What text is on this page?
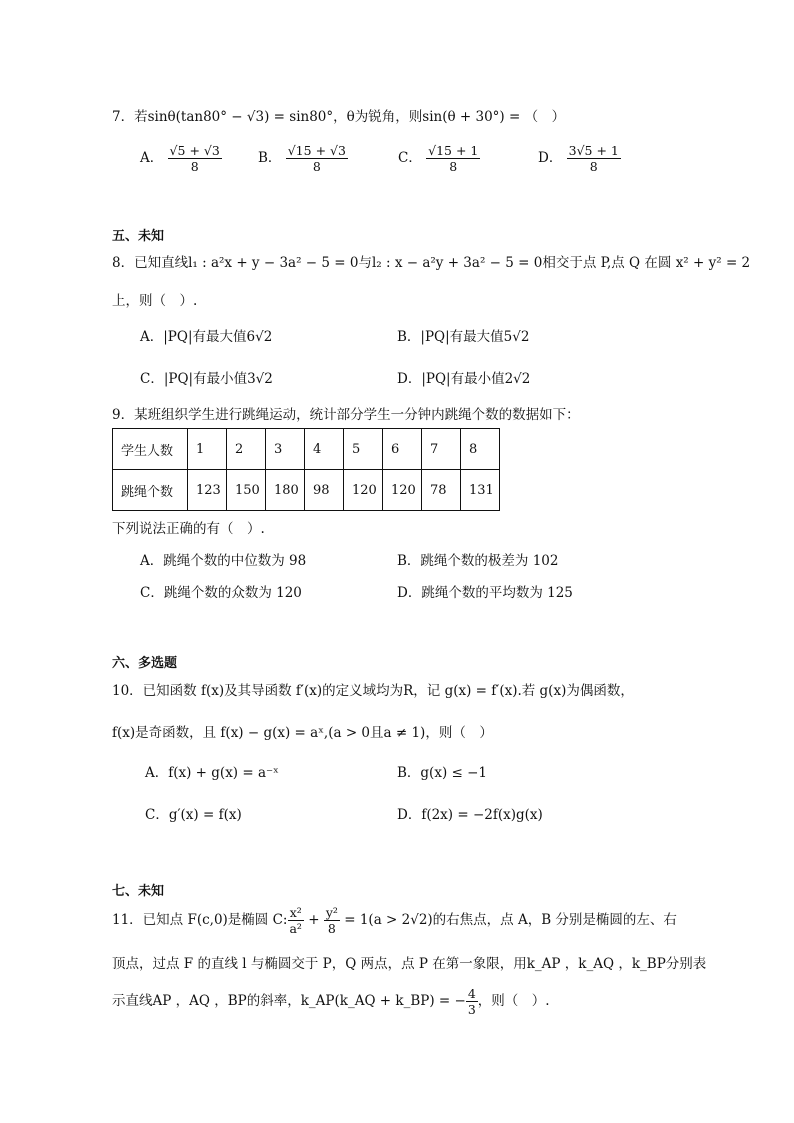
7．若sinθ(tan80° − √3) = sin80°，θ为锐角，则sin(θ + 30°) = （　）
A． $\frac{√5 + √3}{8}$	B． $\frac{√15 + √3}{8}$	C． $\frac{√15 + 1}{8}$	D． $\frac{3√5 + 1}{8}$
五、未知
8．已知直线l₁ : a²x + y − 3a² − 5 = 0与l₂ : x − a²y + 3a² − 5 = 0相交于点 P,点 Q 在圆 x² + y² = 2
上，则（　）.
A．|PQ|有最大值6√2	B．|PQ|有最大值5√2
C．|PQ|有最小值3√2	D．|PQ|有最小值2√2
9．某班组织学生进行跳绳运动，统计部分学生一分钟内跳绳个数的数据如下：
学生人数	1	2	3	4	5	6	7	8
跳绳个数	123	150	180	98	120	120	78	131
下列说法正确的有（　）.
A．跳绳个数的中位数为 98	B．跳绳个数的极差为 102
C．跳绳个数的众数为 120	D．跳绳个数的平均数为 125
六、多选题
10．已知函数 f(x)及其导函数 f′(x)的定义域均为R，记 g(x) = f′(x).若 g(x)为偶函数，
f(x)是奇函数，且 f(x) − g(x) = aˣ,(a > 0且a ≠ 1)，则（　）
A．f(x) + g(x) = a⁻ˣ	B．g(x) ≤ −1
C．g′(x) = f(x)	D．f(2x) = −2f(x)g(x)
七、未知
11．已知点 F(c,0)是椭圆 C: $\frac{\text{x²}}{\text{a²}} + \frac{\text{y²}}{8} = 1(a > 2√2)$的右焦点，点 A，B 分别是椭圆的左、右
顶点，过点 F 的直线 l 与椭圆交于 P，Q 两点，点 P 在第一象限，用k_AP ，k_AQ ，k_BP分别表
示直线AP ，AQ ，BP的斜率，k_AP(k_AQ + k_BP) = − $\frac{4}{3}$ ，则（　）.
